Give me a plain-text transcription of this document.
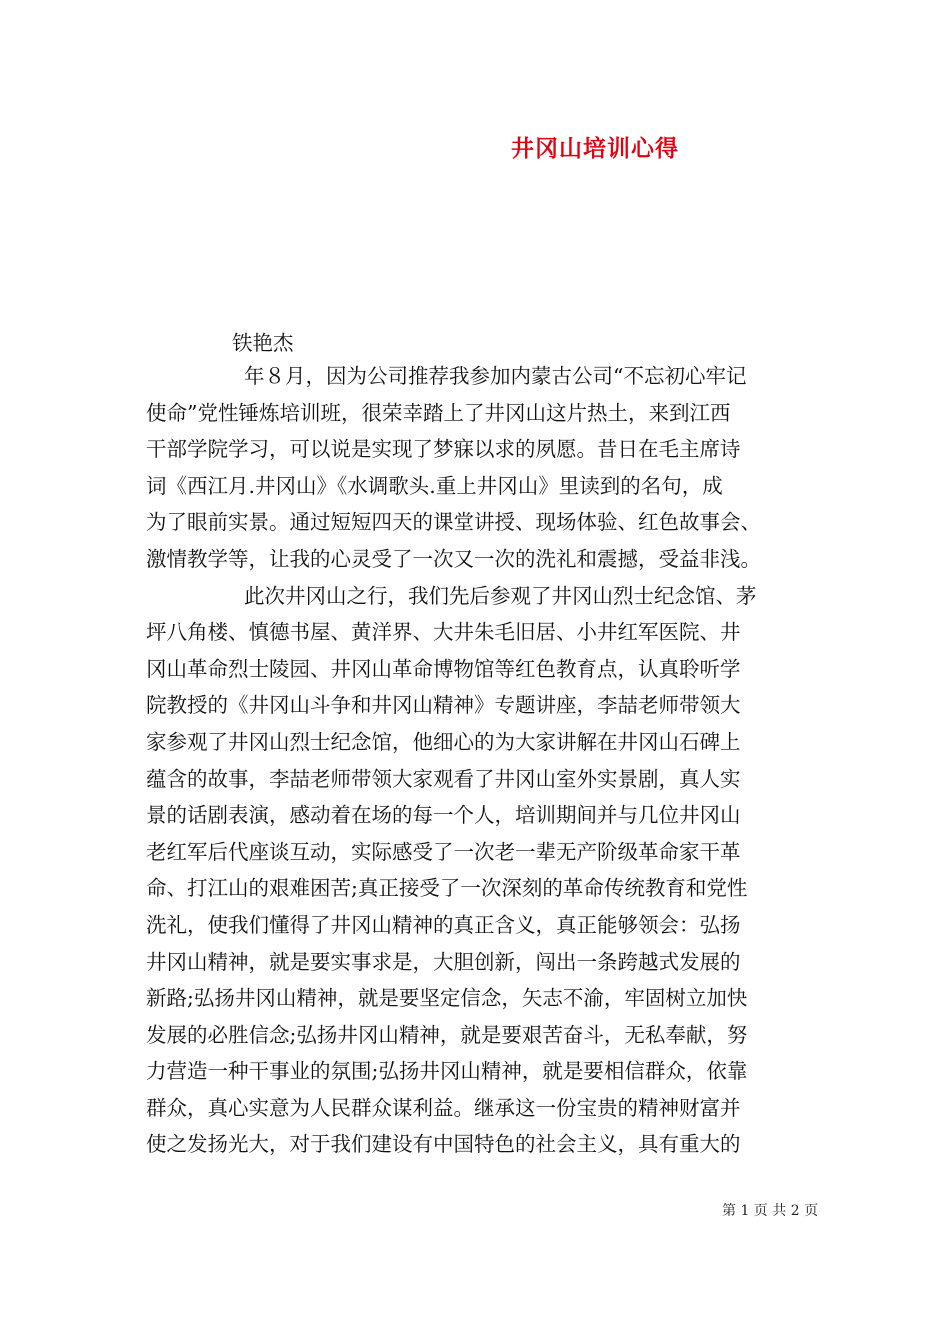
井冈山培训心得
铁艳杰
年８月，因为公司推荐我参加内蒙古公司“不忘初心牢记
使命”党性锤炼培训班，很荣幸踏上了井冈山这片热土，来到江西
干部学院学习，可以说是实现了梦寐以求的夙愿。昔日在毛主席诗
词《西江月.井冈山》《水调歌头.重上井冈山》里读到的名句，成
为了眼前实景。通过短短四天的课堂讲授、现场体验、红色故事会、
激情教学等，让我的心灵受了一次又一次的洗礼和震撼，受益非浅。
此次井冈山之行，我们先后参观了井冈山烈士纪念馆、茅
坪八角楼、慎德书屋、黄洋界、大井朱毛旧居、小井红军医院、井
冈山革命烈士陵园、井冈山革命博物馆等红色教育点，认真聆听学
院教授的《井冈山斗争和井冈山精神》专题讲座，李喆老师带领大
家参观了井冈山烈士纪念馆，他细心的为大家讲解在井冈山石碑上
蕴含的故事，李喆老师带领大家观看了井冈山室外实景剧，真人实
景的话剧表演，感动着在场的每一个人，培训期间并与几位井冈山
老红军后代座谈互动，实际感受了一次老一辈无产阶级革命家干革
命、打江山的艰难困苦;真正接受了一次深刻的革命传统教育和党性
洗礼，使我们懂得了井冈山精神的真正含义，真正能够领会：弘扬
井冈山精神，就是要实事求是，大胆创新，闯出一条跨越式发展的
新路;弘扬井冈山精神，就是要坚定信念，矢志不渝，牢固树立加快
发展的必胜信念;弘扬井冈山精神，就是要艰苦奋斗，无私奉献，努
力营造一种干事业的氛围;弘扬井冈山精神，就是要相信群众，依靠
群众，真心实意为人民群众谋利益。继承这一份宝贵的精神财富并
使之发扬光大，对于我们建设有中国特色的社会主义，具有重大的
第 1 页 共 2 页
